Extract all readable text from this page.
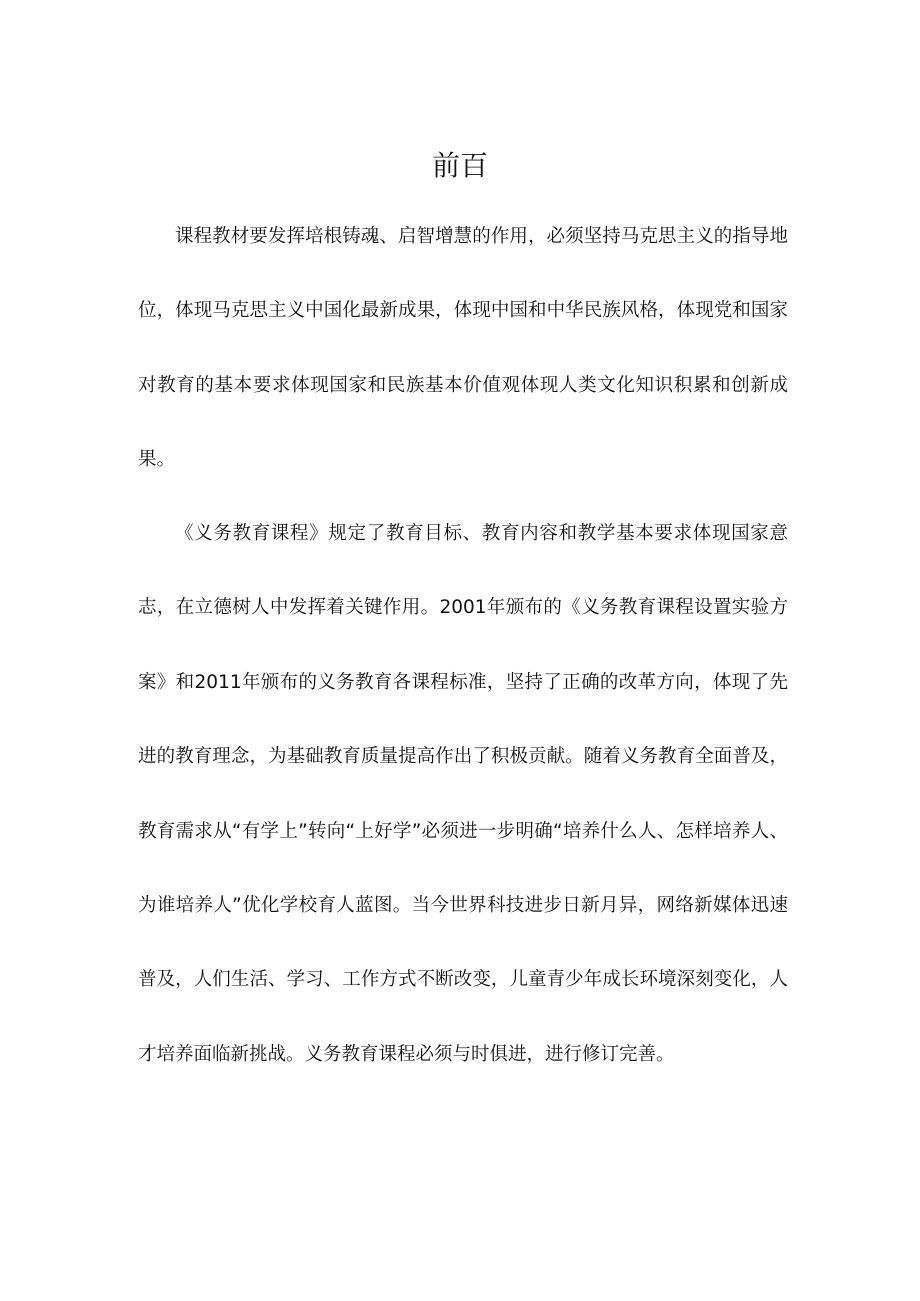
前百

课程教材要发挥培根铸魂、启智增慧的作用，必须坚持马克思主义的指导地位，体现马克思主义中国化最新成果，体现中国和中华民族风格，体现党和国家对教育的基本要求体现国家和民族基本价值观体现人类文化知识积累和创新成果。

《义务教育课程》规定了教育目标、教育内容和教学基本要求体现国家意志，在立德树人中发挥着关键作用。2001年颁布的《义务教育课程设置实验方案》和2011年颁布的义务教育各课程标准，坚持了正确的改革方向，体现了先进的教育理念，为基础教育质量提高作出了积极贡献。随着义务教育全面普及，教育需求从“有学上”转向“上好学”必须进一步明确“培养什么人、怎样培养人、为谁培养人”优化学校育人蓝图。当今世界科技进步日新月异，网络新媒体迅速普及，人们生活、学习、工作方式不断改变，儿童青少年成长环境深刻变化，人才培养面临新挑战。义务教育课程必须与时俱进，进行修订完善。
